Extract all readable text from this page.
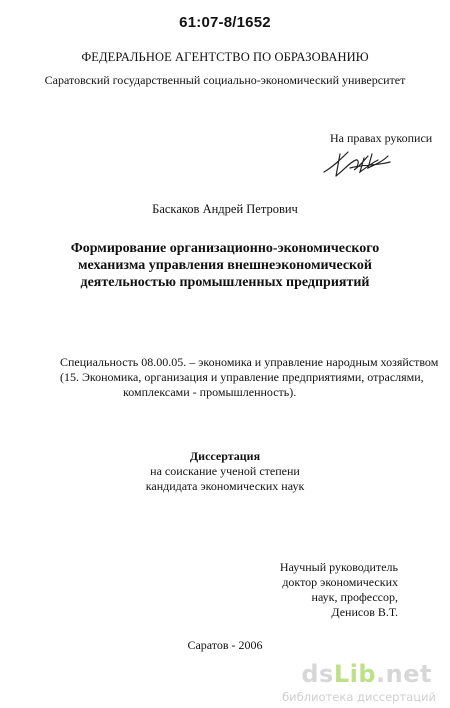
61:07-8/1652
ФЕДЕРАЛЬНОЕ АГЕНТСТВО ПО ОБРАЗОВАНИЮ
Саратовский государственный социально-экономический университет
На правах рукописи
Баскаков Андрей Петрович
Формирование организационно-экономического
механизма управления внешнеэкономической
деятельностью промышленных предприятий
Специальность 08.00.05. – экономика и управление народным хозяйством
(15. Экономика, организация и управление предприятиями, отраслями,
комплексами - промышленность).
Диссертация
на соискание ученой степени
кандидата экономических наук
Научный руководитель
доктор экономических
наук, профессор,
Денисов В.Т.
Саратов - 2006
dsLib.net
библиотека диссертаций
